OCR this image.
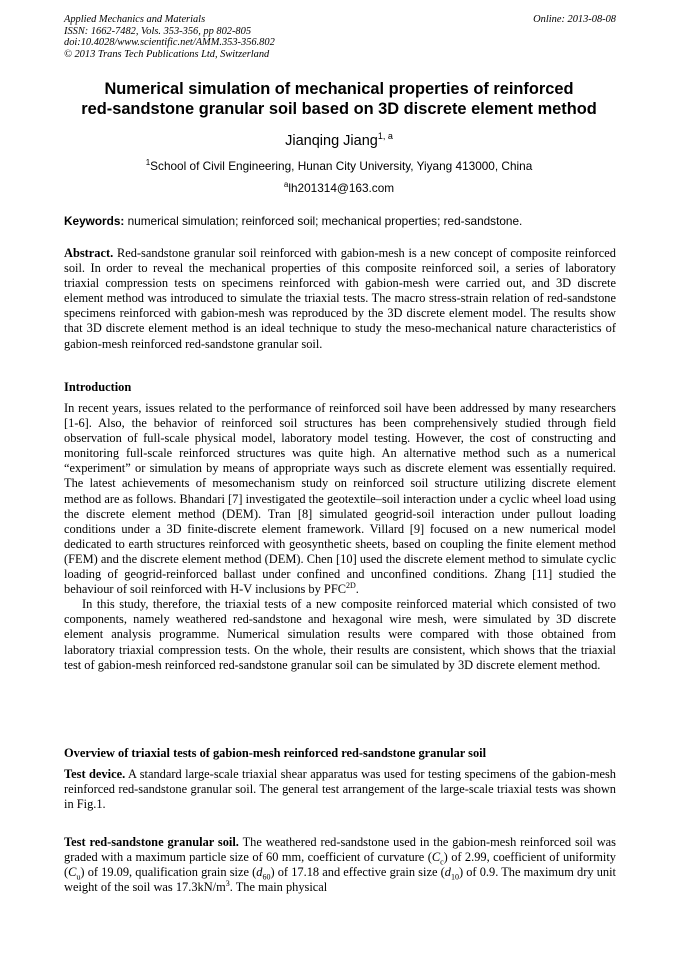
Applied Mechanics and Materials
ISSN: 1662-7482, Vols. 353-356, pp 802-805
doi:10.4028/www.scientific.net/AMM.353-356.802
© 2013 Trans Tech Publications Ltd, Switzerland
Online: 2013-08-08
Numerical simulation of mechanical properties of reinforced
red-sandstone granular soil based on 3D discrete element method
Jianqing Jiang$^{1, a}$
$^1$School of Civil Engineering, Hunan City University, Yiyang 413000, China
$^a$lh201314@163.com
Keywords: numerical simulation; reinforced soil; mechanical properties; red-sandstone.
Abstract. Red-sandstone granular soil reinforced with gabion-mesh is a new concept of composite reinforced soil. In order to reveal the mechanical properties of this composite reinforced soil, a series of laboratory triaxial compression tests on specimens reinforced with gabion-mesh were carried out, and 3D discrete element method was introduced to simulate the triaxial tests. The macro stress-strain relation of red-sandstone specimens reinforced with gabion-mesh was reproduced by the 3D discrete element model. The results show that 3D discrete element method is an ideal technique to study the meso-mechanical nature characteristics of gabion-mesh reinforced red-sandstone granular soil.
Introduction

In recent years, issues related to the performance of reinforced soil have been addressed by many researchers [1-6]. Also, the behavior of reinforced soil structures has been comprehensively studied through field observation of full-scale physical model, laboratory model testing. However, the cost of constructing and monitoring full-scale reinforced structures was quite high. An alternative method such as a numerical “experiment” or simulation by means of appropriate ways such as discrete element was essentially required. The latest achievements of mesomechanism study on reinforced soil structure utilizing discrete element method are as follows. Bhandari [7] investigated the geotextile–soil interaction under a cyclic wheel load using the discrete element method (DEM). Tran [8] simulated geogrid-soil interaction under pullout loading conditions under a 3D finite-discrete element framework. Villard [9] focused on a new numerical model dedicated to earth structures reinforced with geosynthetic sheets, based on coupling the finite element method (FEM) and the discrete element method (DEM). Chen [10] used the discrete element method to simulate cyclic loading of geogrid-reinforced ballast under confined and unconfined conditions. Zhang [11] studied the behaviour of soil reinforced with H-V inclusions by $PFC^{2D}$.

In this study, therefore, the triaxial tests of a new composite reinforced material which consisted of two components, namely weathered red-sandstone and hexagonal wire mesh, were simulated by 3D discrete element analysis programme. Numerical simulation results were compared with those obtained from laboratory triaxial compression tests. On the whole, their results are consistent, which shows that the triaxial test of gabion-mesh reinforced red-sandstone granular soil can be simulated by 3D discrete element method.

Overview of triaxial tests of gabion-mesh reinforced red-sandstone granular soil
Test device. A standard large-scale triaxial shear apparatus was used for testing specimens of the gabion-mesh reinforced red-sandstone granular soil. The general test arrangement of the large-scale triaxial tests was shown in Fig.1.
Test red-sandstone granular soil. The weathered red-sandstone used in the gabion-mesh reinforced soil was graded with a maximum particle size of 60 mm, coefficient of curvature $(C_c)$ of 2.99, coefficient of uniformity $(C_u)$ of 19.09, qualification grain size $(d_{60})$ of 17.18 and effective grain size $(d_{10})$ of 0.9. The maximum dry unit weight of the soil was $17.3kN/m^3$. The main physical
